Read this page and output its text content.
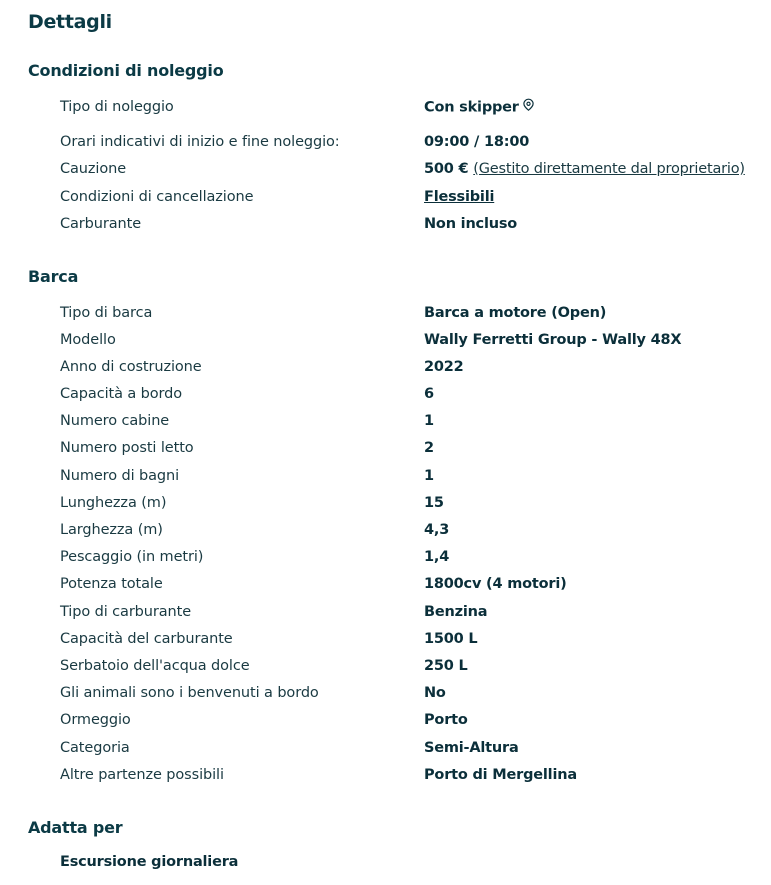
Dettagli
Condizioni di noleggio
Tipo di noleggio	Con skipper
Orari indicativi di inizio e fine noleggio:	09:00 / 18:00
Cauzione	500 € (Gestito direttamente dal proprietario)
Condizioni di cancellazione	Flessibili
Carburante	Non incluso
Barca
Tipo di barca	Barca a motore (Open)
Modello	Wally Ferretti Group - Wally 48X
Anno di costruzione	2022
Capacità a bordo	6
Numero cabine	1
Numero posti letto	2
Numero di bagni	1
Lunghezza (m)	15
Larghezza (m)	4,3
Pescaggio (in metri)	1,4
Potenza totale	1800cv (4 motori)
Tipo di carburante	Benzina
Capacità del carburante	1500 L
Serbatoio dell'acqua dolce	250 L
Gli animali sono i benvenuti a bordo	No
Ormeggio	Porto
Categoria	Semi-Altura
Altre partenze possibili	Porto di Mergellina
Adatta per
Escursione giornaliera
